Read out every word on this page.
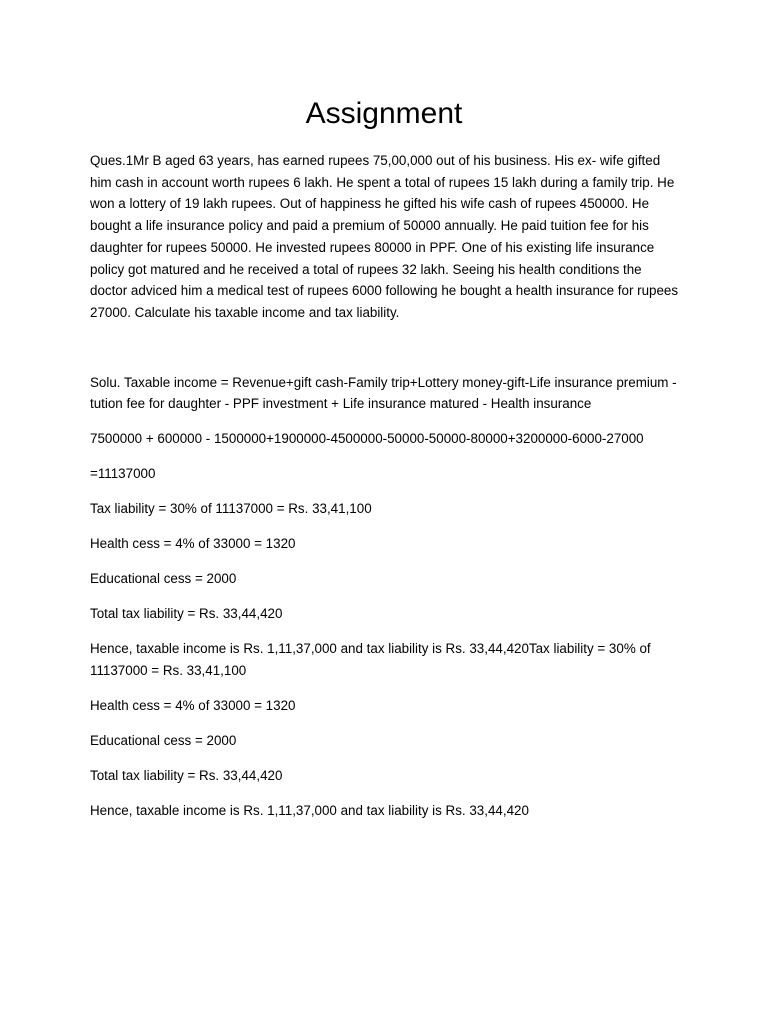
Assignment

Ques.1Mr B aged 63 years, has earned rupees 75,00,000 out of his business. His ex- wife gifted him cash in account worth rupees 6 lakh. He spent a total of rupees 15 lakh during a family trip. He won a lottery of 19 lakh rupees. Out of happiness he gifted his wife cash of rupees 450000. He bought a life insurance policy and paid a premium of 50000 annually. He paid tuition fee for his daughter for rupees 50000. He invested rupees 80000 in PPF. One of his existing life insurance policy got matured and he received a total of rupees 32 lakh. Seeing his health conditions the doctor adviced him a medical test of rupees 6000 following he bought a health insurance for rupees 27000. Calculate his taxable income and tax liability.

Solu. Taxable income = Revenue+gift cash-Family trip+Lottery money-gift-Life insurance premium -tution fee for daughter - PPF investment + Life insurance matured - Health insurance

7500000 + 600000 - 1500000+1900000-4500000-50000-50000-80000+3200000-6000-27000

=11137000

Tax liability = 30% of 11137000 = Rs. 33,41,100

Health cess = 4% of 33000 = 1320

Educational cess = 2000

Total tax liability = Rs. 33,44,420

Hence, taxable income is Rs. 1,11,37,000 and tax liability is Rs. 33,44,420Tax liability = 30% of 11137000 = Rs. 33,41,100

Health cess = 4% of 33000 = 1320

Educational cess = 2000

Total tax liability = Rs. 33,44,420

Hence, taxable income is Rs. 1,11,37,000 and tax liability is Rs. 33,44,420
